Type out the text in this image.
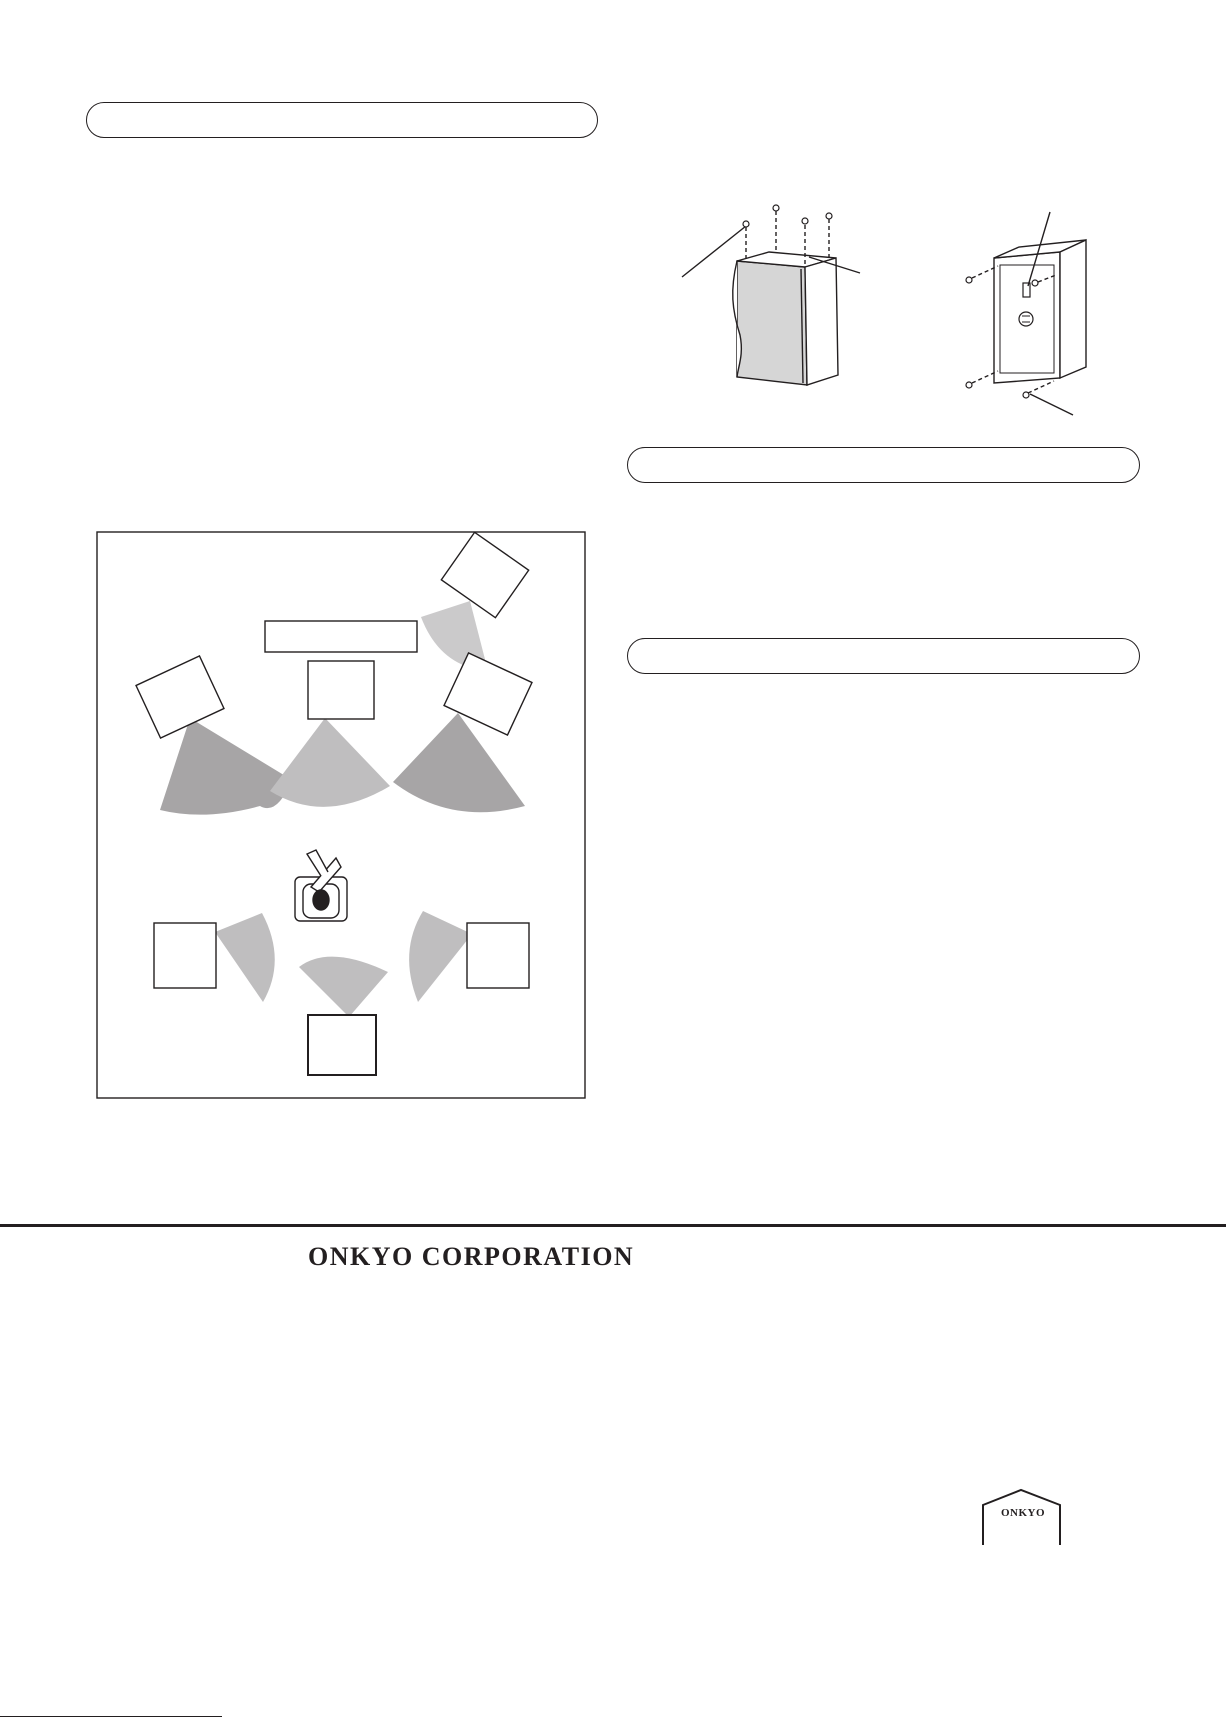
ONKYO CORPORATION

ONKYO
